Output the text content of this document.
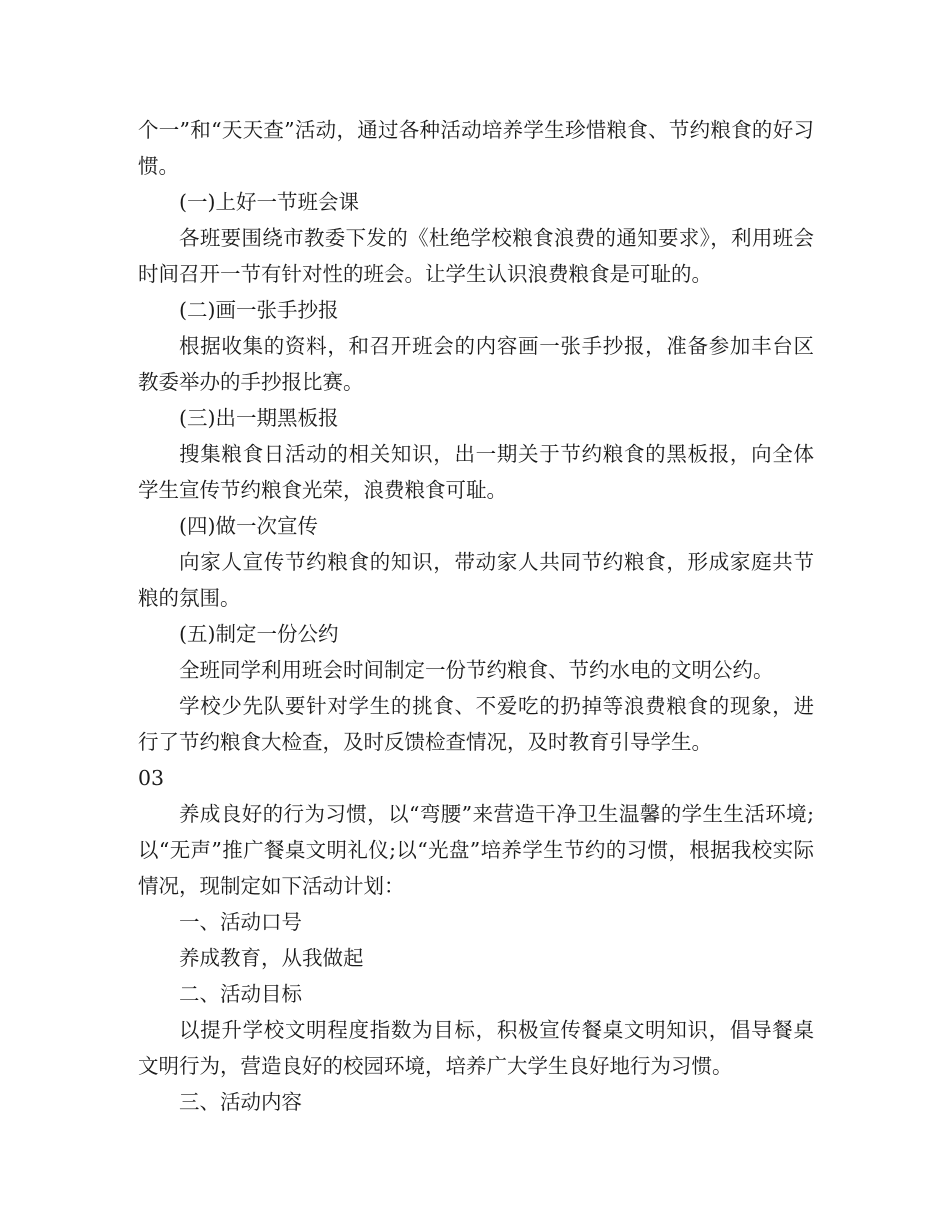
个一”和“天天查”活动，通过各种活动培养学生珍惜粮食、节约粮食的好习惯。

(一)上好一节班会课

各班要围绕市教委下发的《杜绝学校粮食浪费的通知要求》，利用班会时间召开一节有针对性的班会。让学生认识浪费粮食是可耻的。

(二)画一张手抄报

根据收集的资料，和召开班会的内容画一张手抄报，准备参加丰台区教委举办的手抄报比赛。

(三)出一期黑板报

搜集粮食日活动的相关知识，出一期关于节约粮食的黑板报，向全体学生宣传节约粮食光荣，浪费粮食可耻。

(四)做一次宣传

向家人宣传节约粮食的知识，带动家人共同节约粮食，形成家庭共节粮的氛围。

(五)制定一份公约

全班同学利用班会时间制定一份节约粮食、节约水电的文明公约。

学校少先队要针对学生的挑食、不爱吃的扔掉等浪费粮食的现象，进行了节约粮食大检查，及时反馈检查情况，及时教育引导学生。

03

养成良好的行为习惯，以“弯腰”来营造干净卫生温馨的学生生活环境;以“无声”推广餐桌文明礼仪;以“光盘”培养学生节约的习惯，根据我校实际情况，现制定如下活动计划：

一、活动口号

养成教育，从我做起

二、活动目标

以提升学校文明程度指数为目标，积极宣传餐桌文明知识，倡导餐桌文明行为，营造良好的校园环境，培养广大学生良好地行为习惯。

三、活动内容
